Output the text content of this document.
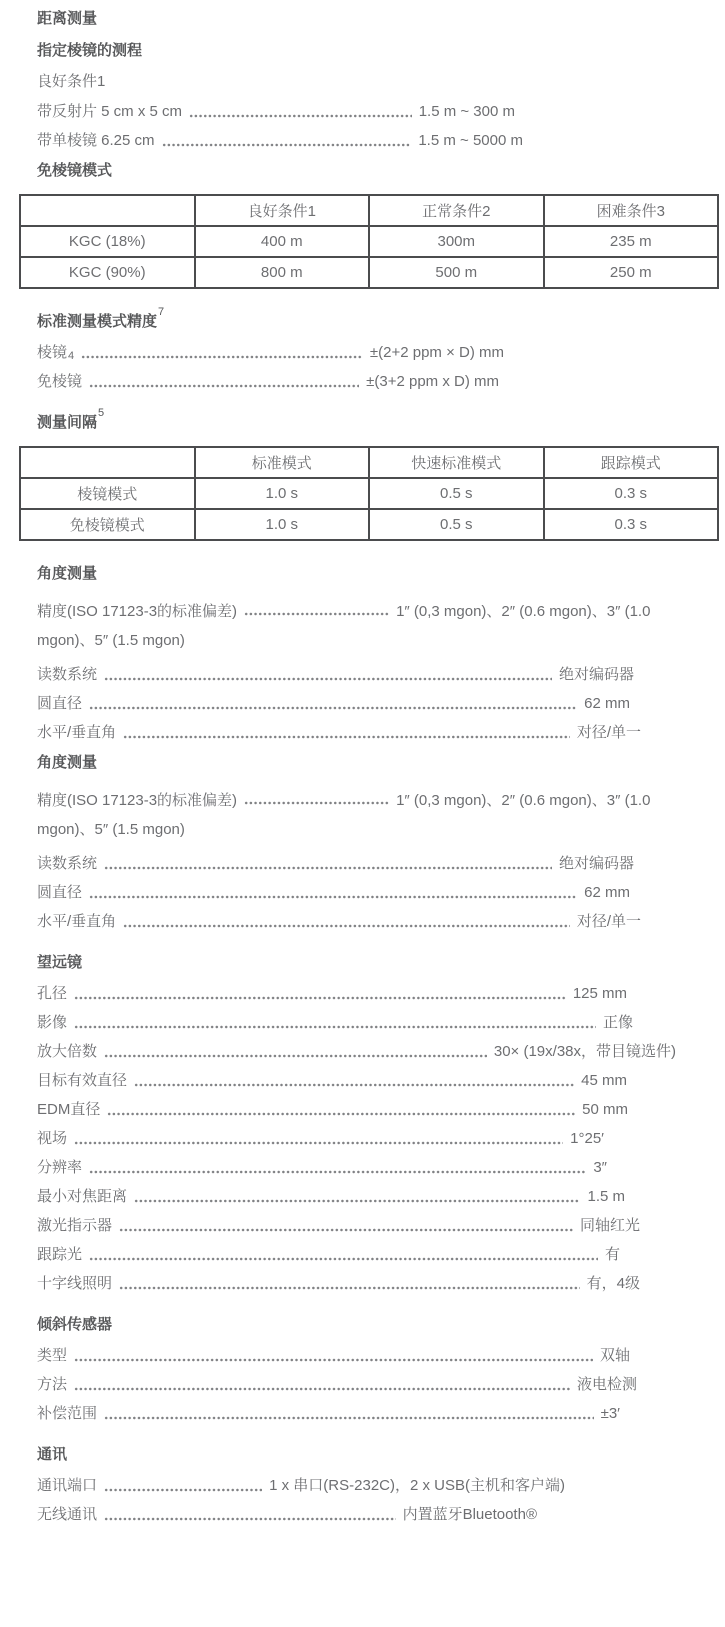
距离测量
指定棱镜的测程
良好条件1
带反射片 5 cm x 5 cm	1.5 m ~ 300 m
带单棱镜 6.25 cm	1.5 m ~ 5000 m
免棱镜模式
	良好条件1	正常条件2	困难条件3
KGC (18%)	400 m	300m	235 m
KGC (90%)	800 m	500 m	250 m
标准测量模式精度$^7$
棱镜$^4$	±(2+2 ppm × D) mm
免棱镜	±(3+2 ppm x D) mm
测量间隔$^5$
	标准模式	快速标准模式	跟踪模式
棱镜模式	1.0 s	0.5 s	0.3 s
免棱镜模式	1.0 s	0.5 s	0.3 s
角度测量
精度(ISO 17123-3的标准偏差)	1″ (0,3 mgon)、2″ (0.6 mgon)、3″ (1.0 mgon)、5″ (1.5 mgon)
读数系统	绝对编码器
圆直径	62 mm
水平/垂直角	对径/单一
角度测量
精度(ISO 17123-3的标准偏差)	1″ (0,3 mgon)、2″ (0.6 mgon)、3″ (1.0 mgon)、5″ (1.5 mgon)
读数系统	绝对编码器
圆直径	62 mm
水平/垂直角	对径/单一
望远镜
孔径	125 mm
影像	正像
放大倍数	30× (19x/38x，带目镜选件)
目标有效直径	45 mm
EDM直径	50 mm
视场	1°25′
分辨率	3″
最小对焦距离	1.5 m
激光指示器	同轴红光
跟踪光	有
十字线照明	有，4级
倾斜传感器
类型	双轴
方法	液电检测
补偿范围	±3′
通讯
通讯端口	1 x 串口(RS-232C)，2 x USB(主机和客户端)
无线通讯	内置蓝牙Bluetooth®
